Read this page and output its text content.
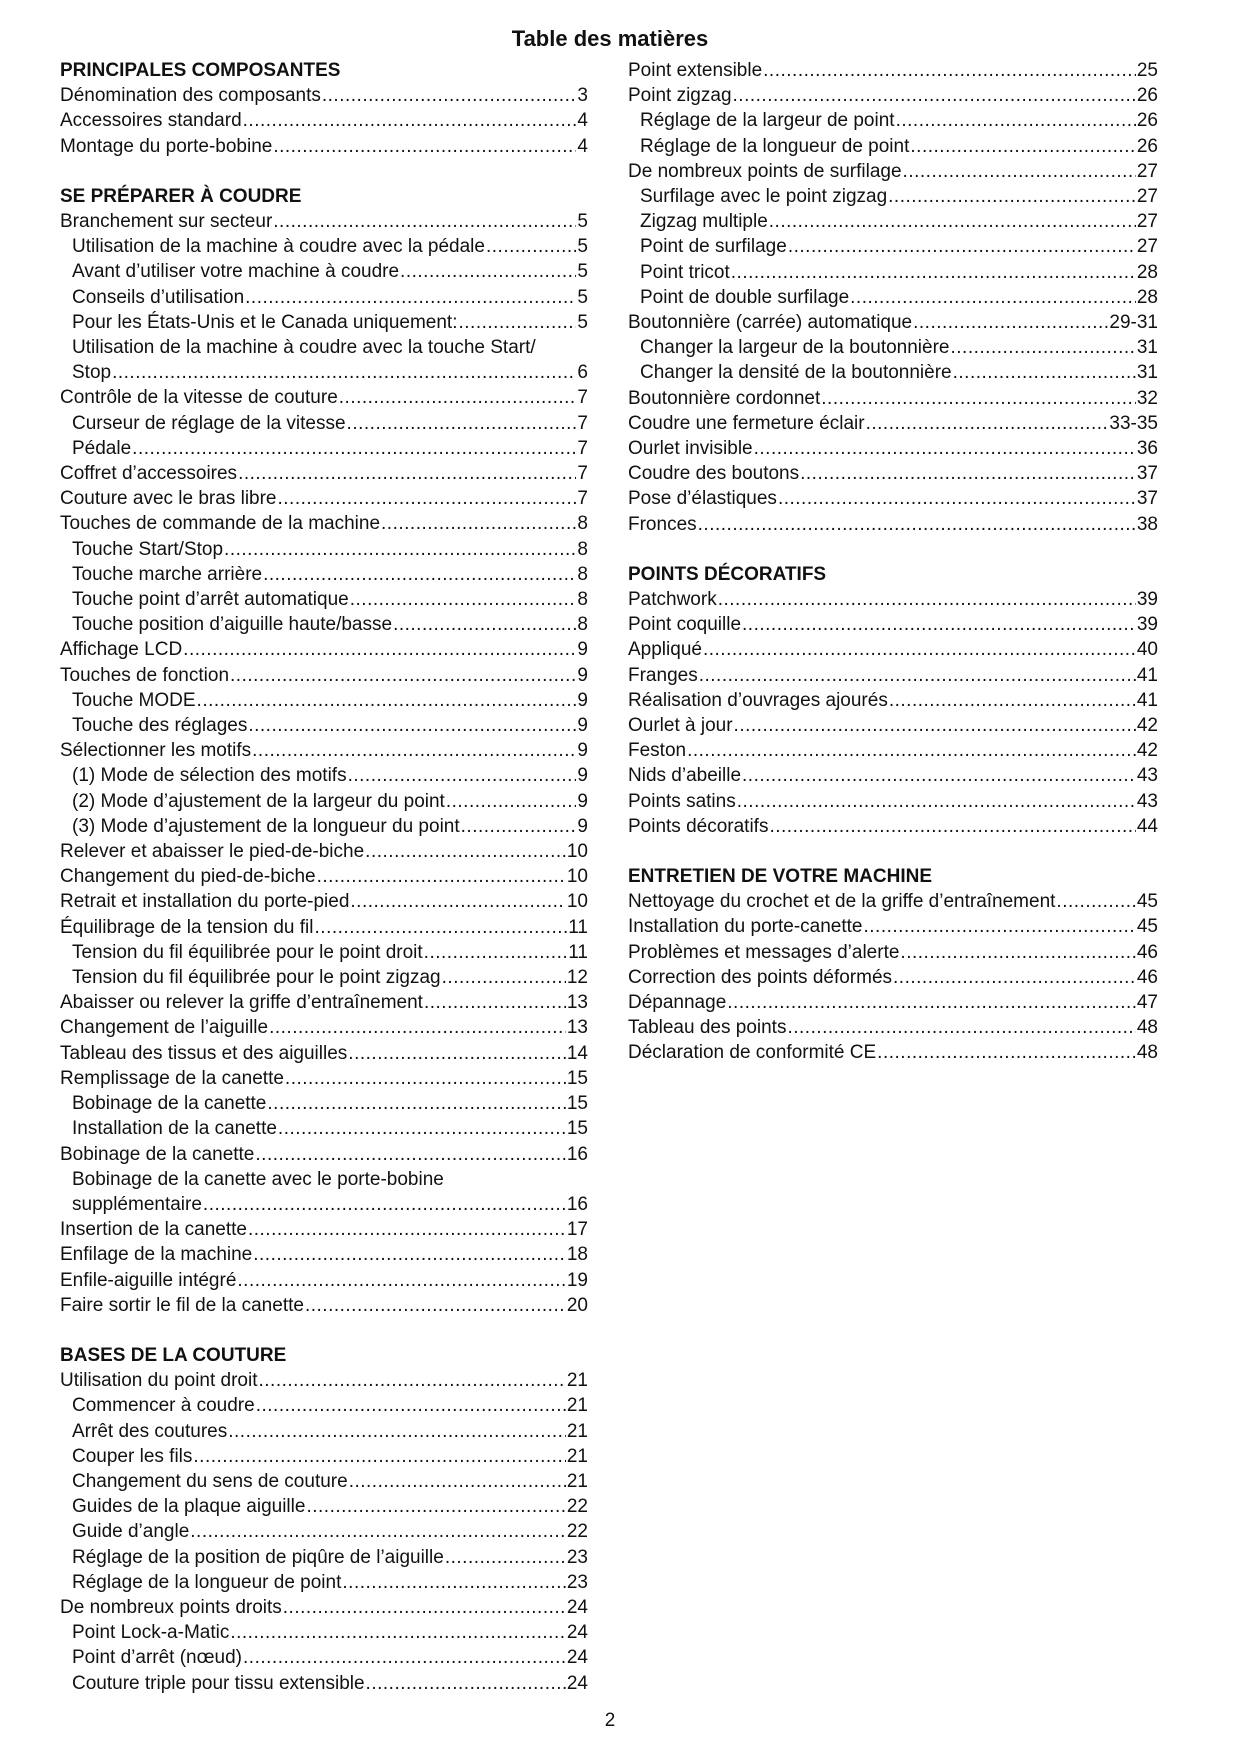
Table des matières
PRINCIPALES COMPOSANTES
Dénomination des composants .....	3
Accessoires standard .....	4
Montage du porte-bobine .....	4
SE PRÉPARER À COUDRE
Branchement sur secteur .....	5
Utilisation de la machine à coudre avec la pédale .....	5
Avant d’utiliser votre machine à coudre .....	5
Conseils d’utilisation .....	5
Pour les États-Unis et le Canada uniquement: .....	5
Utilisation de la machine à coudre avec la touche Start/
Stop .....	6
Contrôle de la vitesse de couture .....	7
Curseur de réglage de la vitesse .....	7
Pédale .....	7
Coffret d’accessoires .....	7
Couture avec le bras libre .....	7
Touches de commande de la machine .....	8
Touche Start/Stop .....	8
Touche marche arrière .....	8
Touche point d’arrêt automatique .....	8
Touche position d’aiguille haute/basse .....	8
Affichage LCD .....	9
Touches de fonction .....	9
Touche MODE .....	9
Touche des réglages .....	9
Sélectionner les motifs .....	9
(1) Mode de sélection des motifs .....	9
(2) Mode d’ajustement de la largeur du point .....	9
(3) Mode d’ajustement de la longueur du point .....	9
Relever et abaisser le pied-de-biche .....	10
Changement du pied-de-biche .....	10
Retrait et installation du porte-pied .....	10
Équilibrage de la tension du fil .....	11
Tension du fil équilibrée pour le point droit .....	11
Tension du fil équilibrée pour le point zigzag .....	12
Abaisser ou relever la griffe d’entraînement .....	13
Changement de l’aiguille .....	13
Tableau des tissus et des aiguilles .....	14
Remplissage de la canette .....	15
Bobinage de la canette .....	15
Installation de la canette .....	15
Bobinage de la canette .....	16
Bobinage de la canette avec le porte-bobine
supplémentaire .....	16
Insertion de la canette .....	17
Enfilage de la machine .....	18
Enfile-aiguille intégré .....	19
Faire sortir le fil de la canette .....	20
BASES DE LA COUTURE
Utilisation du point droit .....	21
Commencer à coudre .....	21
Arrêt des coutures .....	21
Couper les fils .....	21
Changement du sens de couture .....	21
Guides de la plaque aiguille .....	22
Guide d’angle .....	22
Réglage de la position de piqûre de l’aiguille .....	23
Réglage de la longueur de point .....	23
De nombreux points droits .....	24
Point Lock-a-Matic .....	24
Point d’arrêt (nœud) .....	24
Couture triple pour tissu extensible .....	24
Point extensible .....	25
Point zigzag .....	26
Réglage de la largeur de point .....	26
Réglage de la longueur de point .....	26
De nombreux points de surfilage .....	27
Surfilage avec le point zigzag .....	27
Zigzag multiple .....	27
Point de surfilage .....	27
Point tricot .....	28
Point de double surfilage .....	28
Boutonnière (carrée) automatique .....	29-31
Changer la largeur de la boutonnière .....	31
Changer la densité de la boutonnière .....	31
Boutonnière cordonnet .....	32
Coudre une fermeture éclair .....	33-35
Ourlet invisible .....	36
Coudre des boutons .....	37
Pose d’élastiques .....	37
Fronces .....	38
POINTS DÉCORATIFS
Patchwork .....	39
Point coquille .....	39
Appliqué .....	40
Franges .....	41
Réalisation d’ouvrages ajourés .....	41
Ourlet à jour .....	42
Feston .....	42
Nids d’abeille .....	43
Points satins .....	43
Points décoratifs .....	44
ENTRETIEN DE VOTRE MACHINE
Nettoyage du crochet et de la griffe d’entraînement .....	45
Installation du porte-canette .....	45
Problèmes et messages d’alerte .....	46
Correction des points déformés .....	46
Dépannage .....	47
Tableau des points .....	48
Déclaration de conformité CE .....	48
2
